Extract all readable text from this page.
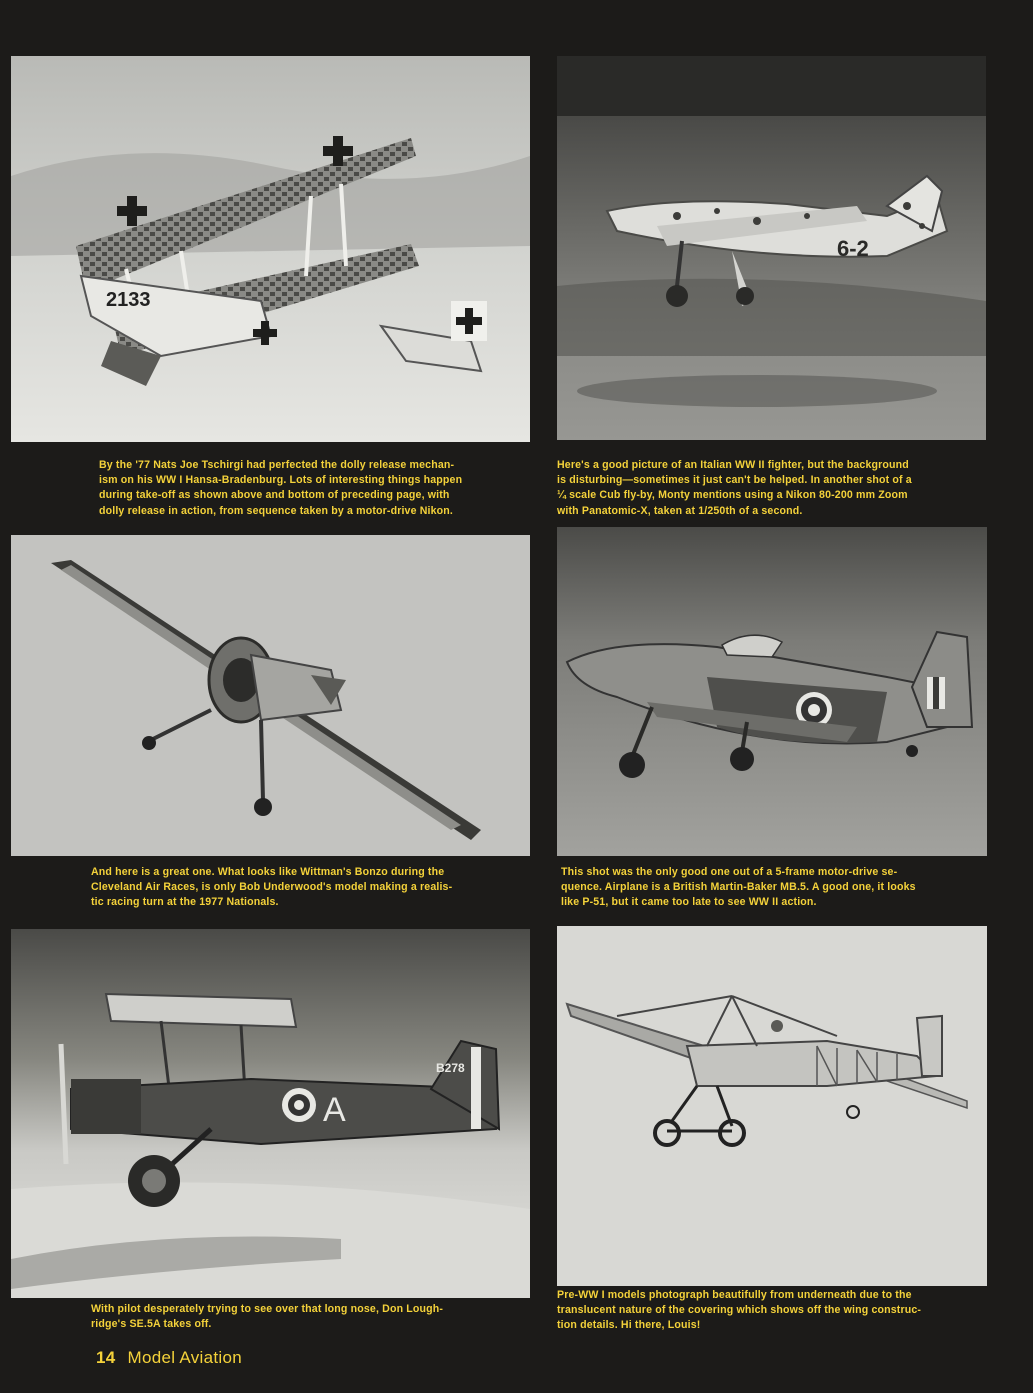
2133
6-2
By the '77 Nats Joe Tschirgi had perfected the dolly release mechan-
ism on his WW I Hansa-Bradenburg. Lots of interesting things happen
during take-off as shown above and bottom of preceding page, with
dolly release in action, from sequence taken by a motor-drive Nikon.
Here's a good picture of an Italian WW II fighter, but the background
is disturbing—sometimes it just can't be helped. In another shot of a
¼ scale Cub fly-by, Monty mentions using a Nikon 80-200 mm Zoom
with Panatomic-X, taken at 1/250th of a second.
And here is a great one. What looks like Wittman's Bonzo during the
Cleveland Air Races, is only Bob Underwood's model making a realis-
tic racing turn at the 1977 Nationals.
This shot was the only good one out of a 5-frame motor-drive se-
quence. Airplane is a British Martin-Baker MB.5. A good one, it looks
like P-51, but it came too late to see WW II action.
B278
A
With pilot desperately trying to see over that long nose, Don Lough-
ridge's SE.5A takes off.
Pre-WW I models photograph beautifully from underneath due to the
translucent nature of the covering which shows off the wing construc-
tion details. Hi there, Louis!
14 Model Aviation
